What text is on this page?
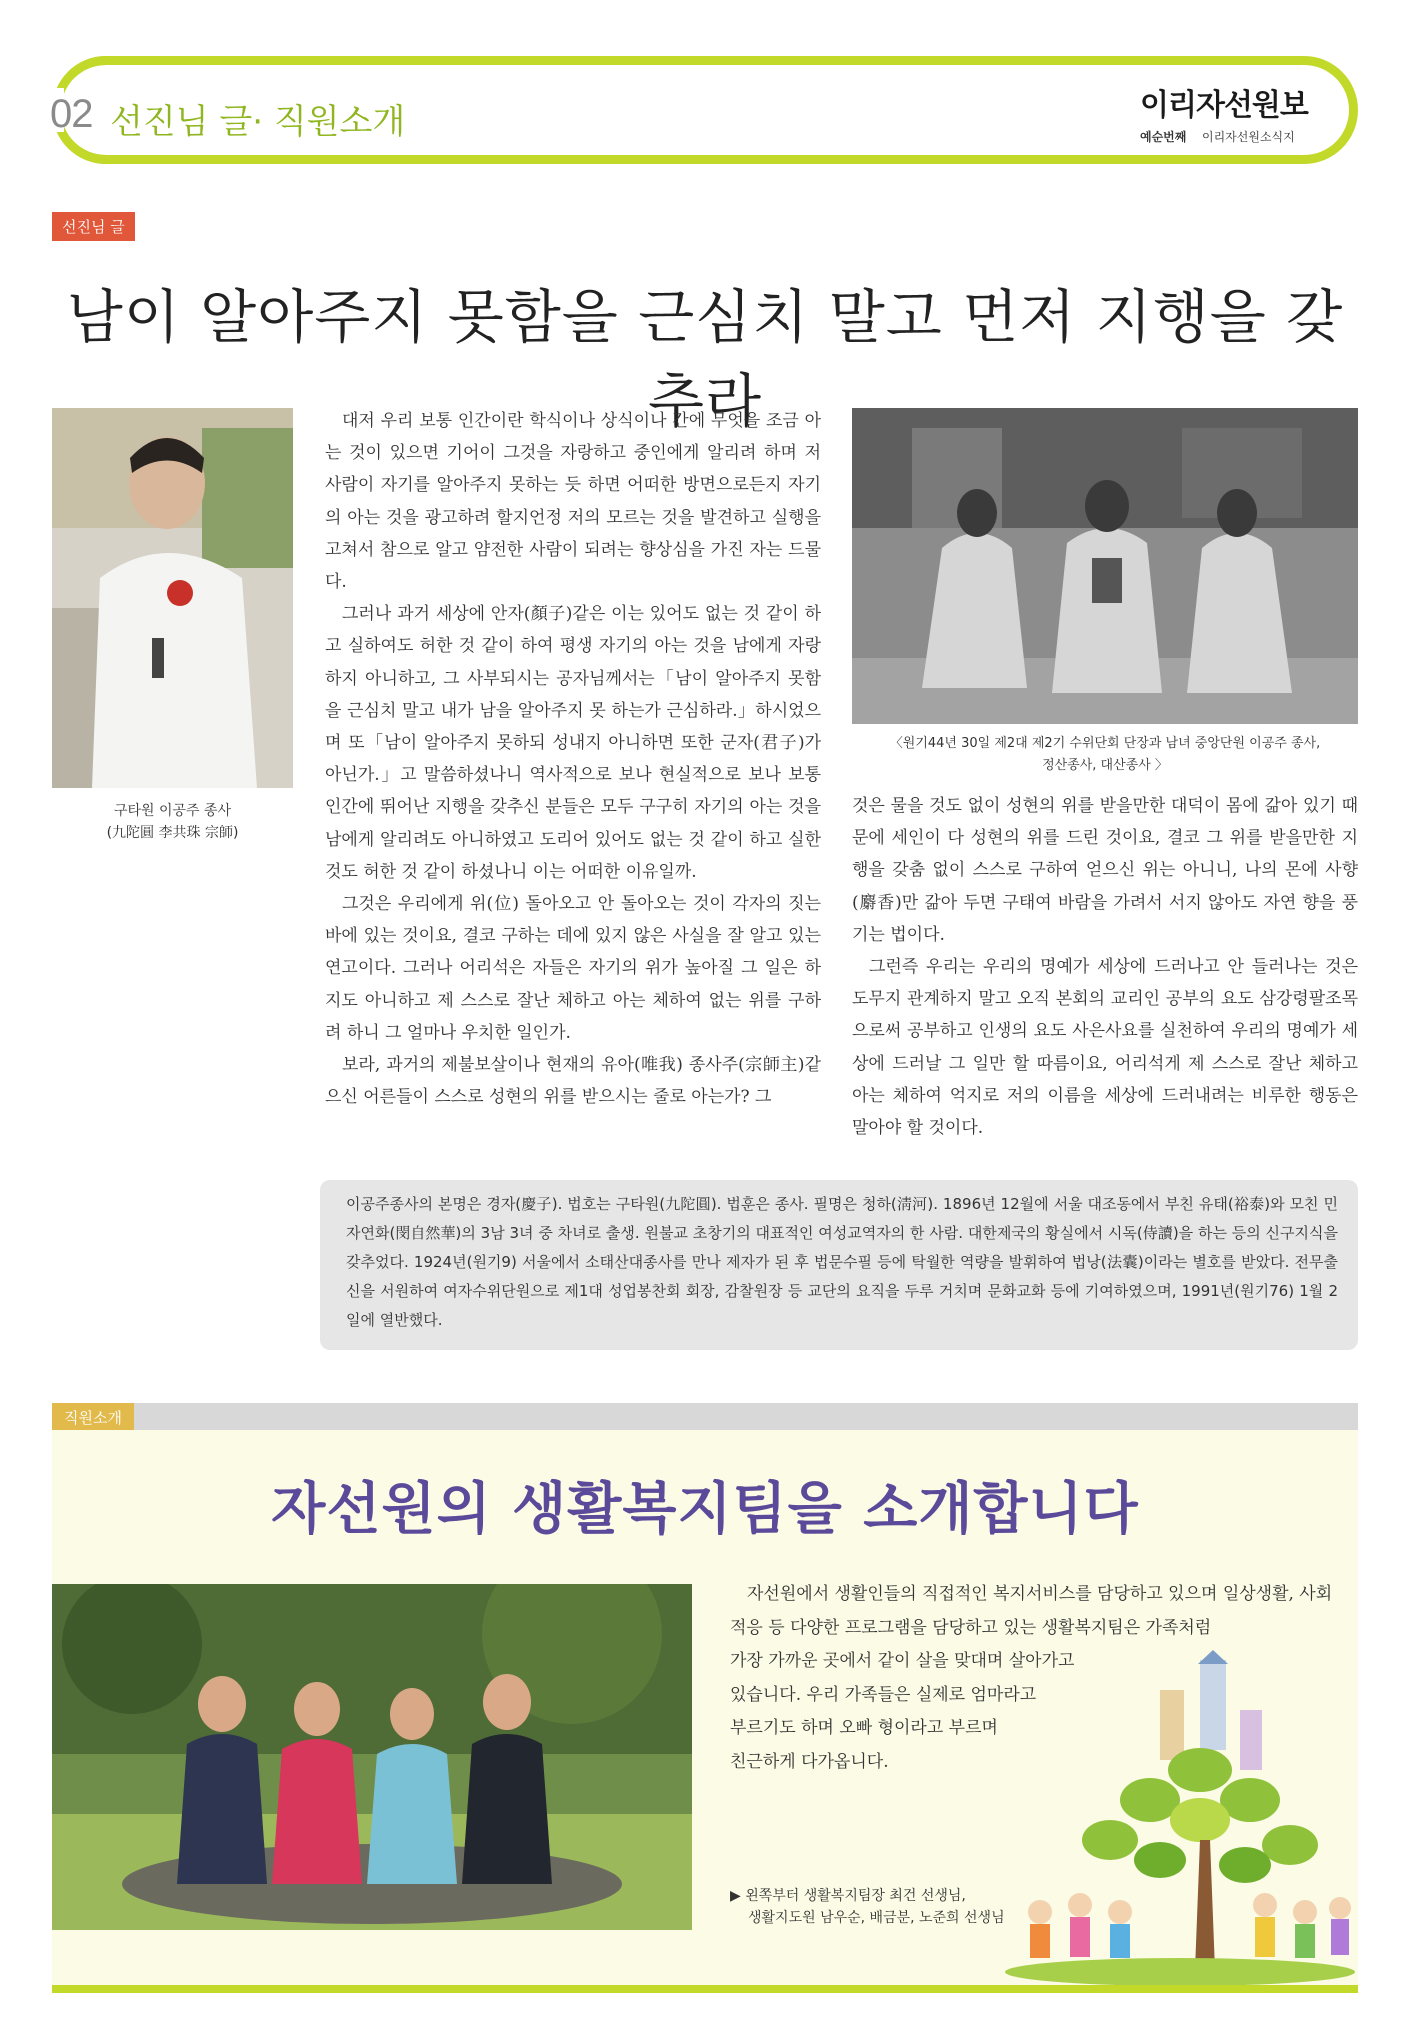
02 선진님 글· 직원소개	이리자선원보
예순번째 이리자선원소식지
선진님 글
남이 알아주지 못함을 근심치 말고 먼저 지행을 갖추라
구타원 이공주 종사
(九陀圓 李共珠 宗師)

대저 우리 보통 인간이란 학식이나 상식이나 간에 무엇을 조금 아는 것이 있으면 기어이 그것을 자랑하고 중인에게 알리려 하며 저 사람이 자기를 알아주지 못하는 듯 하면 어떠한 방면으로든지 자기의 아는 것을 광고하려 할지언정 저의 모르는 것을 발견하고 실행을 고쳐서 참으로 알고 얌전한 사람이 되려는 향상심을 가진 자는 드물다.

그러나 과거 세상에 안자(顏子)같은 이는 있어도 없는 것 같이 하고 실하여도 허한 것 같이 하여 평생 자기의 아는 것을 남에게 자랑하지 아니하고, 그 사부되시는 공자님께서는「남이 알아주지 못함을 근심치 말고 내가 남을 알아주지 못 하는가 근심하라.」하시었으며 또「남이 알아주지 못하되 성내지 아니하면 또한 군자(君子)가 아닌가.」고 말씀하셨나니 역사적으로 보나 현실적으로 보나 보통 인간에 뛰어난 지행을 갖추신 분들은 모두 구구히 자기의 아는 것을 남에게 알리려도 아니하였고 도리어 있어도 없는 것 같이 하고 실한 것도 허한 것 같이 하셨나니 이는 어떠한 이유일까.

그것은 우리에게 위(位) 돌아오고 안 돌아오는 것이 각자의 짓는 바에 있는 것이요, 결코 구하는 데에 있지 않은 사실을 잘 알고 있는 연고이다. 그러나 어리석은 자들은 자기의 위가 높아질 그 일은 하지도 아니하고 제 스스로 잘난 체하고 아는 체하여 없는 위를 구하려 하니 그 얼마나 우치한 일인가.

보라, 과거의 제불보살이나 현재의 유아(唯我) 종사주(宗師主)같으신 어른들이 스스로 성현의 위를 받으시는 줄로 아는가? 그

〈원기44년 30일 제2대 제2기 수위단회 단장과 남녀 중앙단원 이공주 종사,
정산종사, 대산종사 〉

것은 물을 것도 없이 성현의 위를 받을만한 대덕이 몸에 갊아 있기 때문에 세인이 다 성현의 위를 드린 것이요, 결코 그 위를 받을만한 지행을 갖춤 없이 스스로 구하여 얻으신 위는 아니니, 나의 몬에 사향(麝香)만 갊아 두면 구태여 바람을 가려서 서지 않아도 자연 향을 풍기는 법이다.

그런즉 우리는 우리의 명예가 세상에 드러나고 안 들러나는 것은 도무지 관계하지 말고 오직 본회의 교리인 공부의 요도 삼강령팔조목으로써 공부하고 인생의 요도 사은사요를 실천하여 우리의 명예가 세상에 드러날 그 일만 할 따름이요, 어리석게 제 스스로 잘난 체하고 아는 체하여 억지로 저의 이름을 세상에 드러내려는 비루한 행동은 말아야 할 것이다.

이공주종사의 본명은 경자(慶子). 법호는 구타원(九陀圓). 법훈은 종사. 필명은 청하(淸河). 1896년 12월에 서울 대조동에서 부친 유태(裕泰)와 모친 민자연화(閔自然華)의 3남 3녀 중 차녀로 출생. 원불교 초창기의 대표적인 여성교역자의 한 사람. 대한제국의 황실에서 시독(侍讀)을 하는 등의 신구지식을 갖추었다. 1924년(원기9) 서울에서 소태산대종사를 만나 제자가 된 후 법문수필 등에 탁월한 역량을 발휘하여 법낭(法囊)이라는 별호를 받았다. 전무출신을 서원하여 여자수위단원으로 제1대 성업봉찬회 회장, 감찰원장 등 교단의 요직을 두루 거치며 문화교화 등에 기여하였으며, 1991년(원기76) 1월 2일에 열반했다.
직원소개
자선원의 생활복지팀을 소개합니다
자선원에서 생활인들의 직접적인 복지서비스를 담당하고 있으며 일상생활, 사회
적응 등 다양한 프로그램을 담당하고 있는 생활복지팀은 가족처럼
가장 가까운 곳에서 같이 살을 맞대며 살아가고
있습니다. 우리 가족들은 실제로 엄마라고
부르기도 하며 오빠 형이라고 부르며
친근하게 다가옵니다.
▶ 왼쪽부터 생활복지팀장 최건 선생님,
생활지도원 남우순, 배금분, 노준희 선생님
